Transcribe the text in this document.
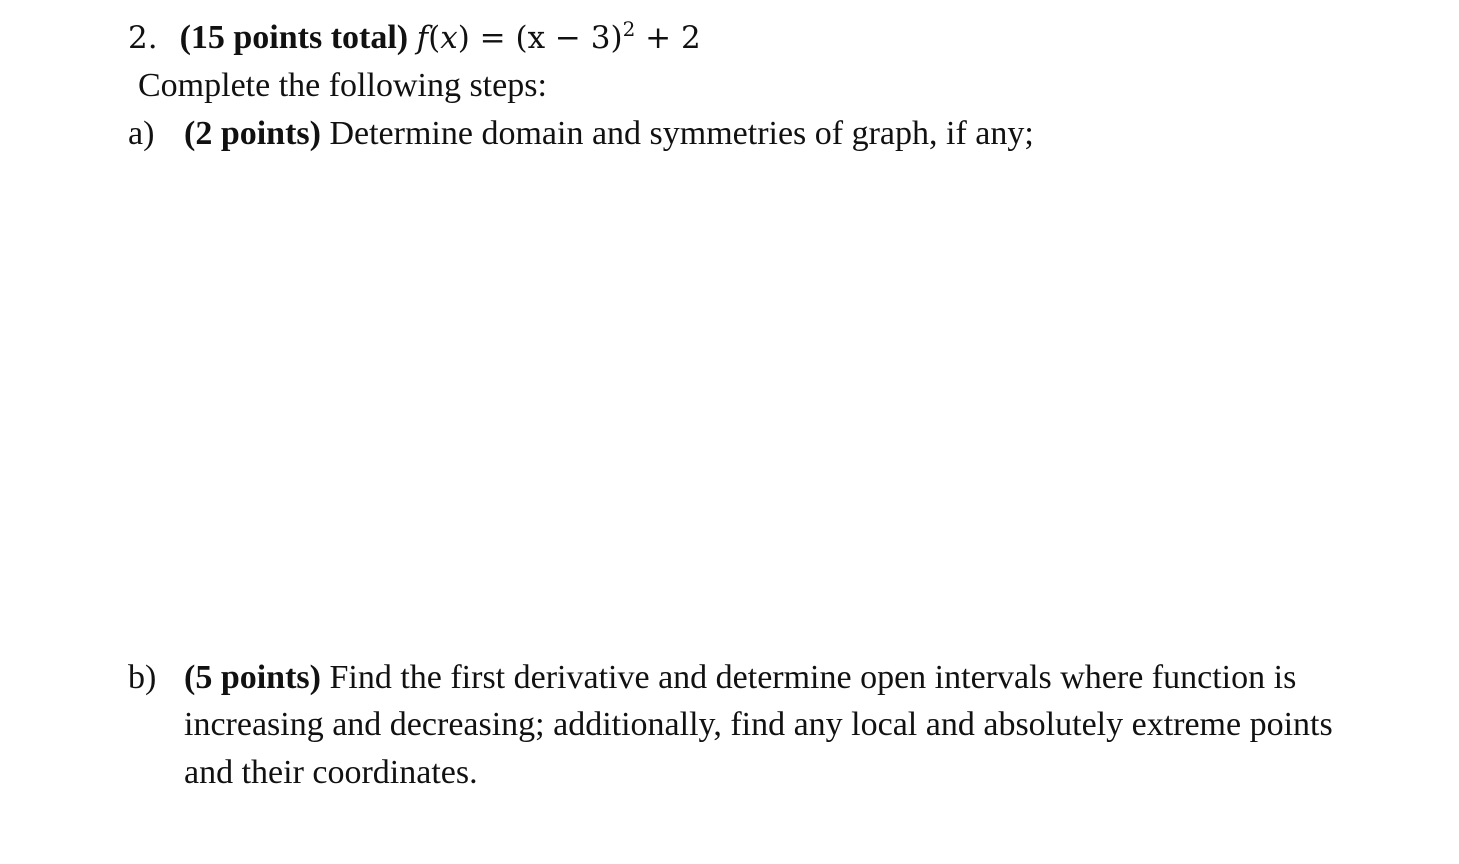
2. (15 points total) $f(x) = (x - 3)^2 + 2$
Complete the following steps:
a) (2 points) Determine domain and symmetries of graph, if any;
b) (5 points) Find the first derivative and determine open intervals where function is
increasing and decreasing; additionally, find any local and absolutely extreme points
and their coordinates.
